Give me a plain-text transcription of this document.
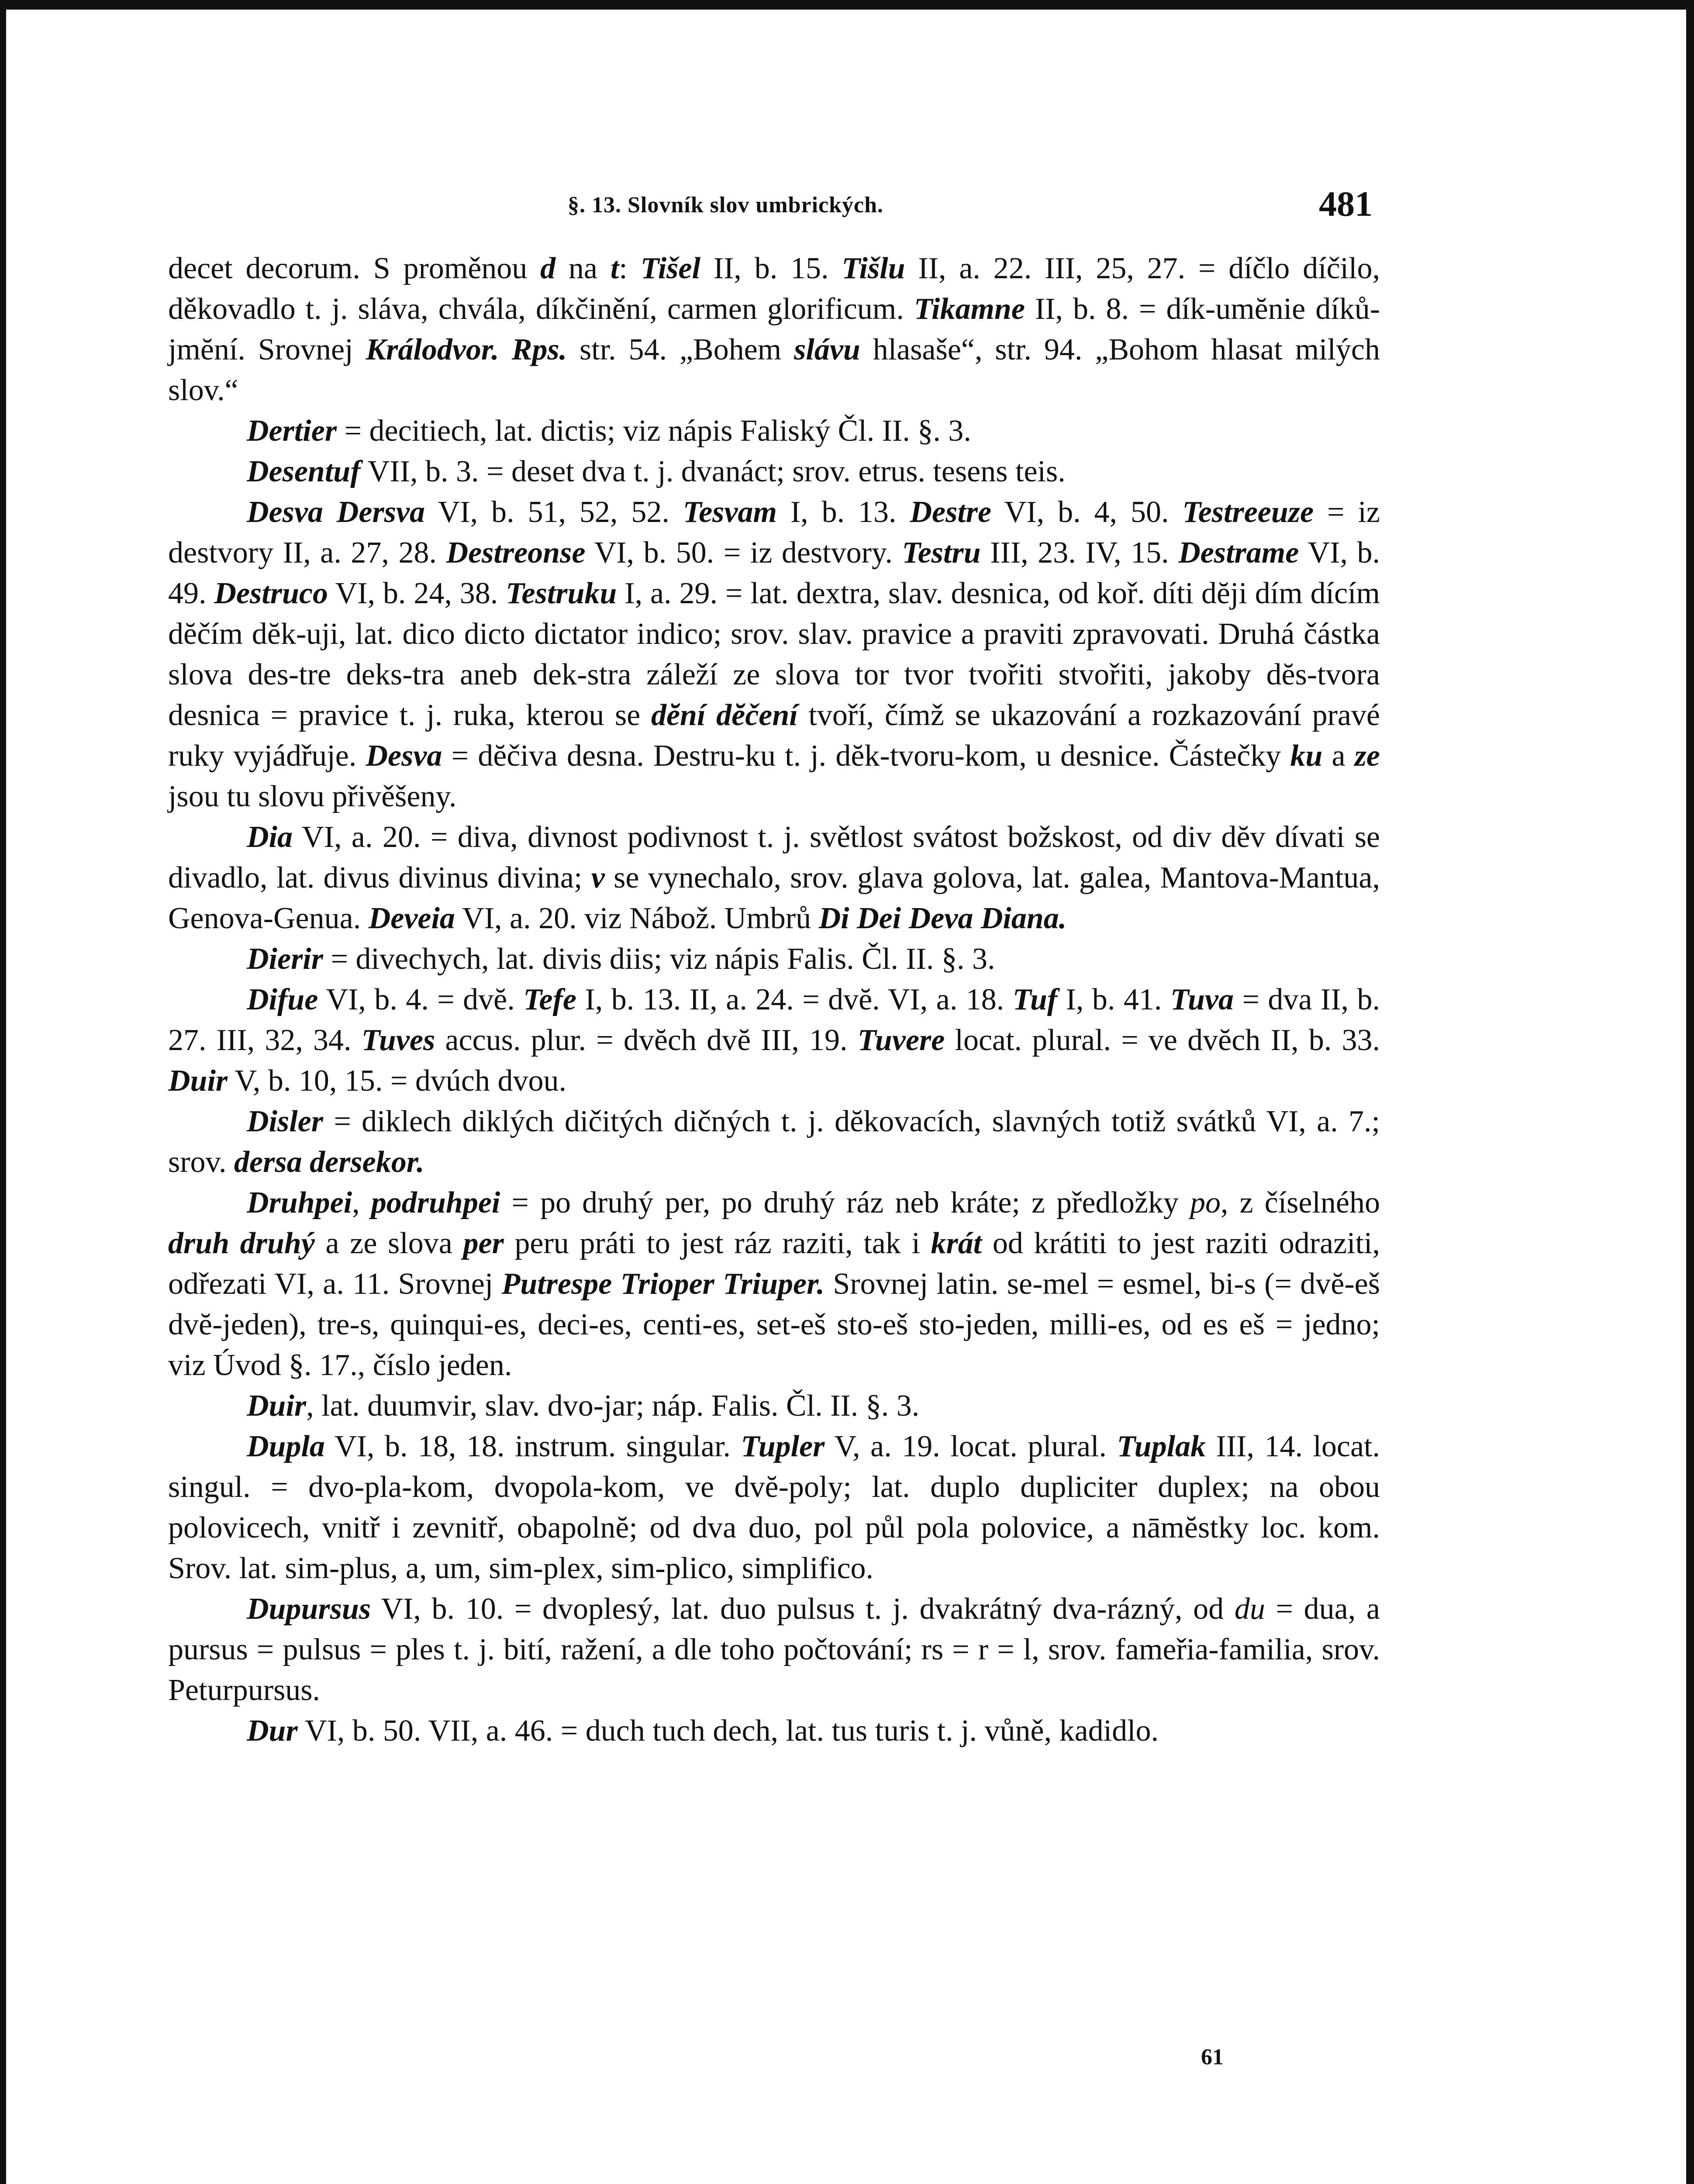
§. 13. Slovník slov umbrických.	481

decet decorum. S proměnou d na t: Tišel II, b. 15. Tišlu II, a. 22. III, 25, 27. = díčlo díčilo, děkovadlo t. j. sláva, chvála, díkčinění, carmen glorificum. Tikamne II, b. 8. = dík-umĕnie díků-jmĕní. Srovnej Králodvor. Rps. str. 54. „Bohem slávu hlasaše“, str. 94. „Bohom hlasat milých slov.“

Dertier = decitiech, lat. dictis; viz nápis Faliský Čl. II. §. 3.

Desentuf VII, b. 3. = deset dva t. j. dvanáct; srov. etrus. tesens teis.

Desva Dersva VI, b. 51, 52, 52. Tesvam I, b. 13. Destre VI, b. 4, 50. Testreeuze = iz destvory II, a. 27, 28. Destreonse VI, b. 50. = iz destvory. Testru III, 23. IV, 15. Destrame VI, b. 49. Destruco VI, b. 24, 38. Testruku I, a. 29. = lat. dextra, slav. desnica, od koř. díti dĕji dím dícím dĕčím dĕk-uji, lat. dico dicto dictator indico; srov. slav. pravice a praviti zpravovati. Druhá částka slova des-tre deks-tra aneb dek-stra záleží ze slova tor tvor tvořiti stvořiti, jakoby dĕs-tvora desnica = pravice t. j. ruka, kterou se dĕní dĕčení tvoří, čímž se ukazování a rozkazování pravé ruky vyjádřuje. Desva = dĕčiva desna. Destru-ku t. j. dĕk-tvoru-kom, u desnice. Částečky ku a ze jsou tu slovu přivěšeny.

Dia VI, a. 20. = diva, divnost podivnost t. j. světlost svátost božskost, od div dĕv dívati se divadlo, lat. divus divinus divina; v se vynechalo, srov. glava golova, lat. galea, Mantova-Mantua, Genova-Genua. Deveia VI, a. 20. viz Nábož. Umbrů Di Dei Deva Diana.

Dierir = divechych, lat. divis diis; viz nápis Falis. Čl. II. §. 3.

Difue VI, b. 4. = dvĕ. Tefe I, b. 13. II, a. 24. = dvĕ. VI, a. 18. Tuf I, b. 41. Tuva = dva II, b. 27. III, 32, 34. Tuves accus. plur. = dvĕch dvĕ III, 19. Tuvere locat. plural. = ve dvĕch II, b. 33. Duir V, b. 10, 15. = dvúch dvou.

Disler = diklech diklých dičitých dičných t. j. dĕkovacích, slavných totiž svátků VI, a. 7.; srov. dersa dersekor.

Druhpei, podruhpei = po druhý per, po druhý ráz neb kráte; z předložky po, z číselného druh druhý a ze slova per peru práti to jest ráz raziti, tak i krát od krátiti to jest raziti odraziti, odřezati VI, a. 11. Srovnej Putrespe Trioper Triuper. Srovnej latin. se-mel = esmel, bi-s (= dvĕ-eš dvĕ-jeden), tre-s, quinqui-es, deci-es, centi-es, set-eš sto-eš sto-jeden, milli-es, od es eš = jedno; viz Úvod §. 17., číslo jeden.

Duir, lat. duumvir, slav. dvo-jar; náp. Falis. Čl. II. §. 3.

Dupla VI, b. 18, 18. instrum. singular. Tupler V, a. 19. locat. plural. Tuplak III, 14. locat. singul. = dvo-pla-kom, dvopola-kom, ve dvĕ-poly; lat. duplo dupliciter duplex; na obou polovicech, vnitř i zevnitř, obapolnĕ; od dva duo, pol půl pola polovice, a nāmĕstky loc. kom. Srov. lat. sim-plus, a, um, sim-plex, sim-plico, simplifico.

Dupursus VI, b. 10. = dvoplesý, lat. duo pulsus t. j. dvakrátný dva-rázný, od du = dua, a pursus = pulsus = ples t. j. bití, ražení, a dle toho počtování; rs = r = l, srov. fameřia-familia, srov. Peturpursus.

Dur VI, b. 50. VII, a. 46. = duch tuch dech, lat. tus turis t. j. vůně, kadidlo.

61
